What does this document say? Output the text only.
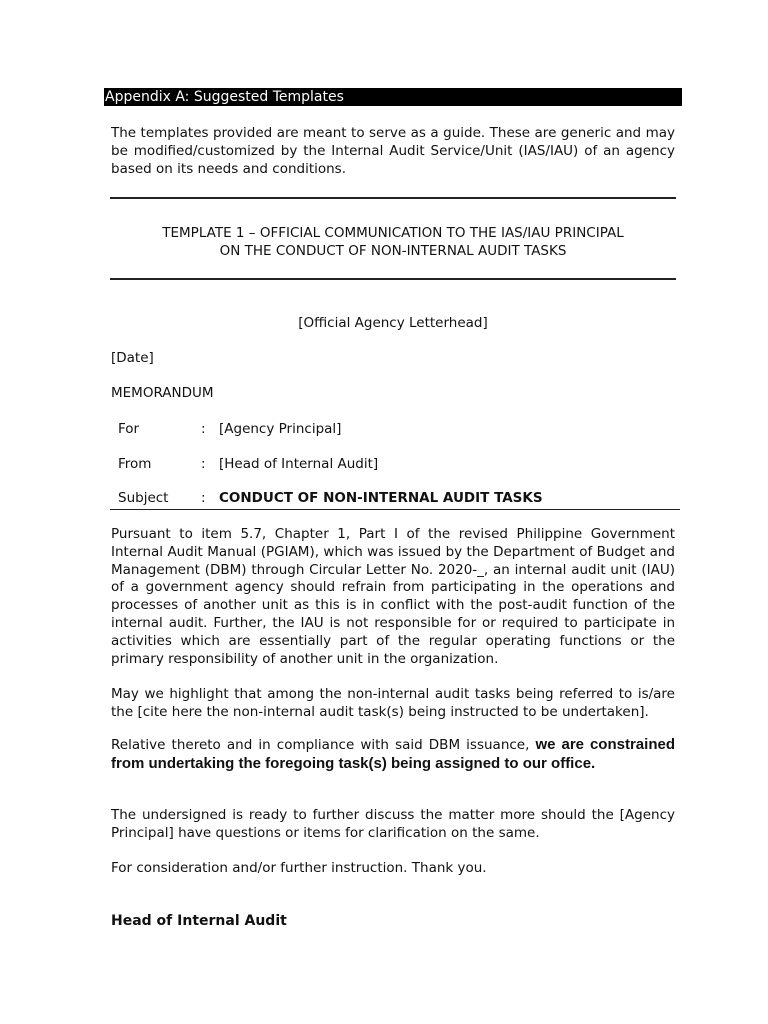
Appendix A: Suggested Templates

The templates provided are meant to serve as a guide. These are generic and may be modified/customized by the Internal Audit Service/Unit (IAS/IAU) of an agency based on its needs and conditions.

TEMPLATE 1 – OFFICIAL COMMUNICATION TO THE IAS/IAU PRINCIPAL
ON THE CONDUCT OF NON-INTERNAL AUDIT TASKS

[Official Agency Letterhead]
[Date]
MEMORANDUM
For	: [Agency Principal]
From	: [Head of Internal Audit]
Subject : CONDUCT OF NON-INTERNAL AUDIT TASKS

Pursuant to item 5.7, Chapter 1, Part I of the revised Philippine Government Internal Audit Manual (PGIAM), which was issued by the Department of Budget and Management (DBM) through Circular Letter No. 2020-_, an internal audit unit (IAU) of a government agency should refrain from participating in the operations and processes of another unit as this is in conflict with the post-audit function of the internal audit. Further, the IAU is not responsible for or required to participate in activities which are essentially part of the regular operating functions or the primary responsibility of another unit in the organization.

May we highlight that among the non-internal audit tasks being referred to is/are the [cite here the non-internal audit task(s) being instructed to be undertaken].

Relative thereto and in compliance with said DBM issuance, we are constrained from undertaking the foregoing task(s) being assigned to our office.

The undersigned is ready to further discuss the matter more should the [Agency Principal] have questions or items for clarification on the same.

For consideration and/or further instruction. Thank you.

Head of Internal Audit
